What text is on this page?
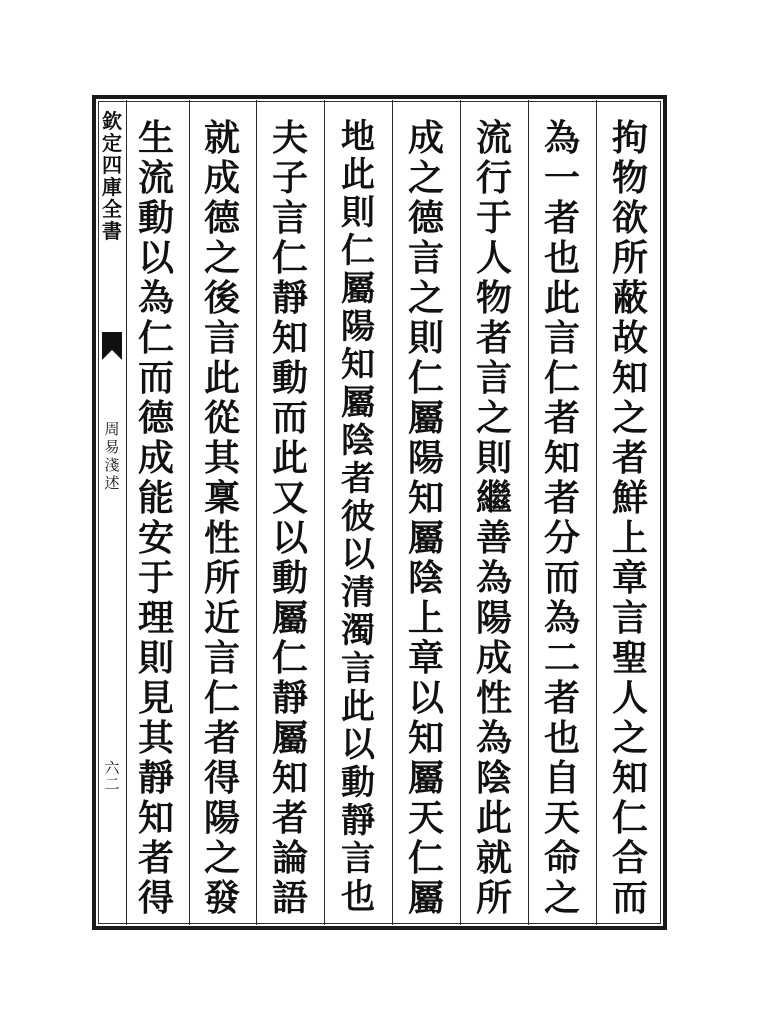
欽定四庫全書
周易淺述
六二
拘
物
欲
所
蔽
故
知
之
者
鮮
上
章
言
聖
人
之
知
仁
合
而
為
一
者
也
此
言
仁
者
知
者
分
而
為
二
者
也
自
天
命
之
流
行
于
人
物
者
言
之
則
繼
善
為
陽
成
性
為
陰
此
就
所
成
之
德
言
之
則
仁
屬
陽
知
屬
陰
上
章
以
知
屬
天
仁
屬
地
此
則
仁
屬
陽
知
屬
陰
者
彼
以
清
濁
言
此
以
動
靜
言
也
夫
子
言
仁
靜
知
動
而
此
又
以
動
屬
仁
靜
屬
知
者
論
語
就
成
德
之
後
言
此
從
其
稟
性
所
近
言
仁
者
得
陽
之
發
生
流
動
以
為
仁
而
德
成
能
安
于
理
則
見
其
靜
知
者
得
